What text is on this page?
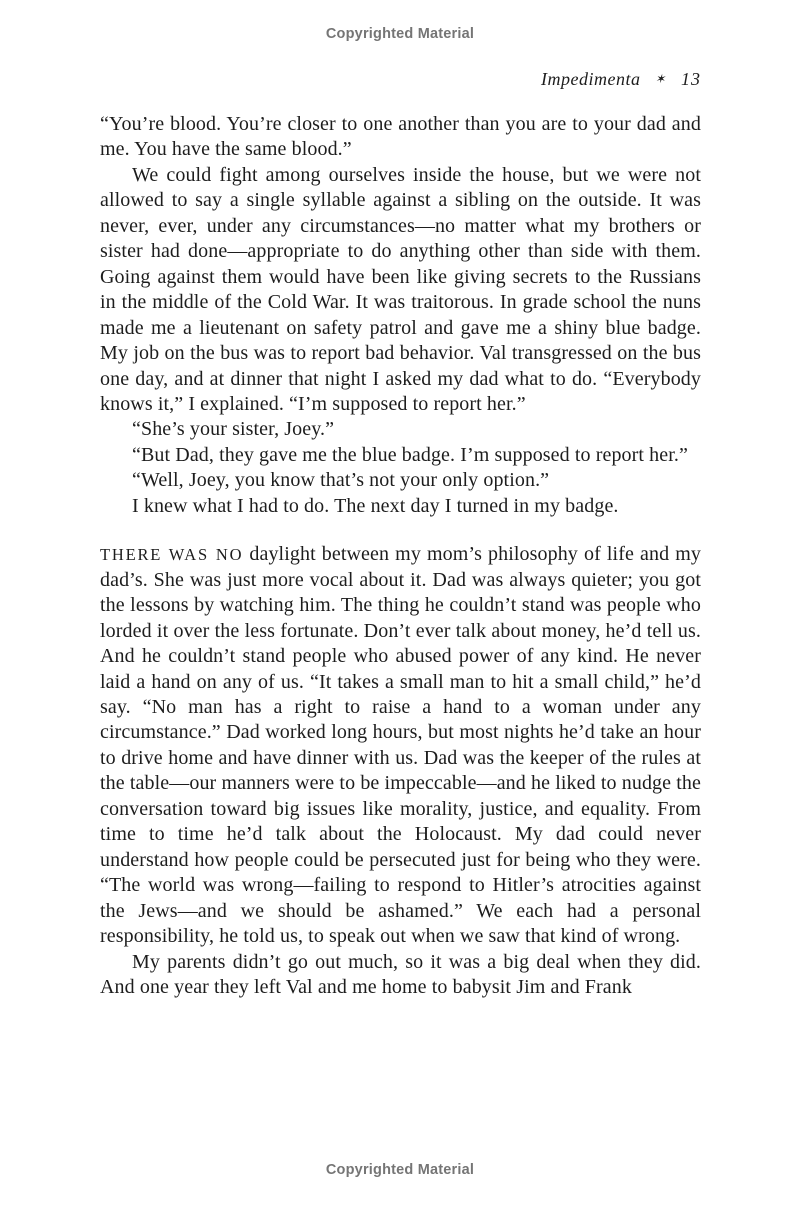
Copyrighted Material
Impedimenta ✶ 13

“You’re blood. You’re closer to one another than you are to your dad and me. You have the same blood.”

We could fight among ourselves inside the house, but we were not allowed to say a single syllable against a sibling on the outside. It was never, ever, under any circumstances—no matter what my brothers or sister had done—appropriate to do anything other than side with them. Going against them would have been like giving secrets to the Russians in the middle of the Cold War. It was traitorous. In grade school the nuns made me a lieutenant on safety patrol and gave me a shiny blue badge. My job on the bus was to report bad behavior. Val transgressed on the bus one day, and at dinner that night I asked my dad what to do. “Everybody knows it,” I explained. “I’m supposed to report her.”

“She’s your sister, Joey.”

“But Dad, they gave me the blue badge. I’m supposed to report her.”

“Well, Joey, you know that’s not your only option.”

I knew what I had to do. The next day I turned in my badge.

THERE WAS NO daylight between my mom’s philosophy of life and my dad’s. She was just more vocal about it. Dad was always quieter; you got the lessons by watching him. The thing he couldn’t stand was people who lorded it over the less fortunate. Don’t ever talk about money, he’d tell us. And he couldn’t stand people who abused power of any kind. He never laid a hand on any of us. “It takes a small man to hit a small child,” he’d say. “No man has a right to raise a hand to a woman under any circumstance.” Dad worked long hours, but most nights he’d take an hour to drive home and have dinner with us. Dad was the keeper of the rules at the table—our manners were to be impeccable—and he liked to nudge the conversation toward big issues like morality, justice, and equality. From time to time he’d talk about the Holocaust. My dad could never understand how people could be persecuted just for being who they were. “The world was wrong—failing to respond to Hitler’s atrocities against the Jews—and we should be ashamed.” We each had a personal responsibility, he told us, to speak out when we saw that kind of wrong.

My parents didn’t go out much, so it was a big deal when they did. And one year they left Val and me home to babysit Jim and Frank

Copyrighted Material
